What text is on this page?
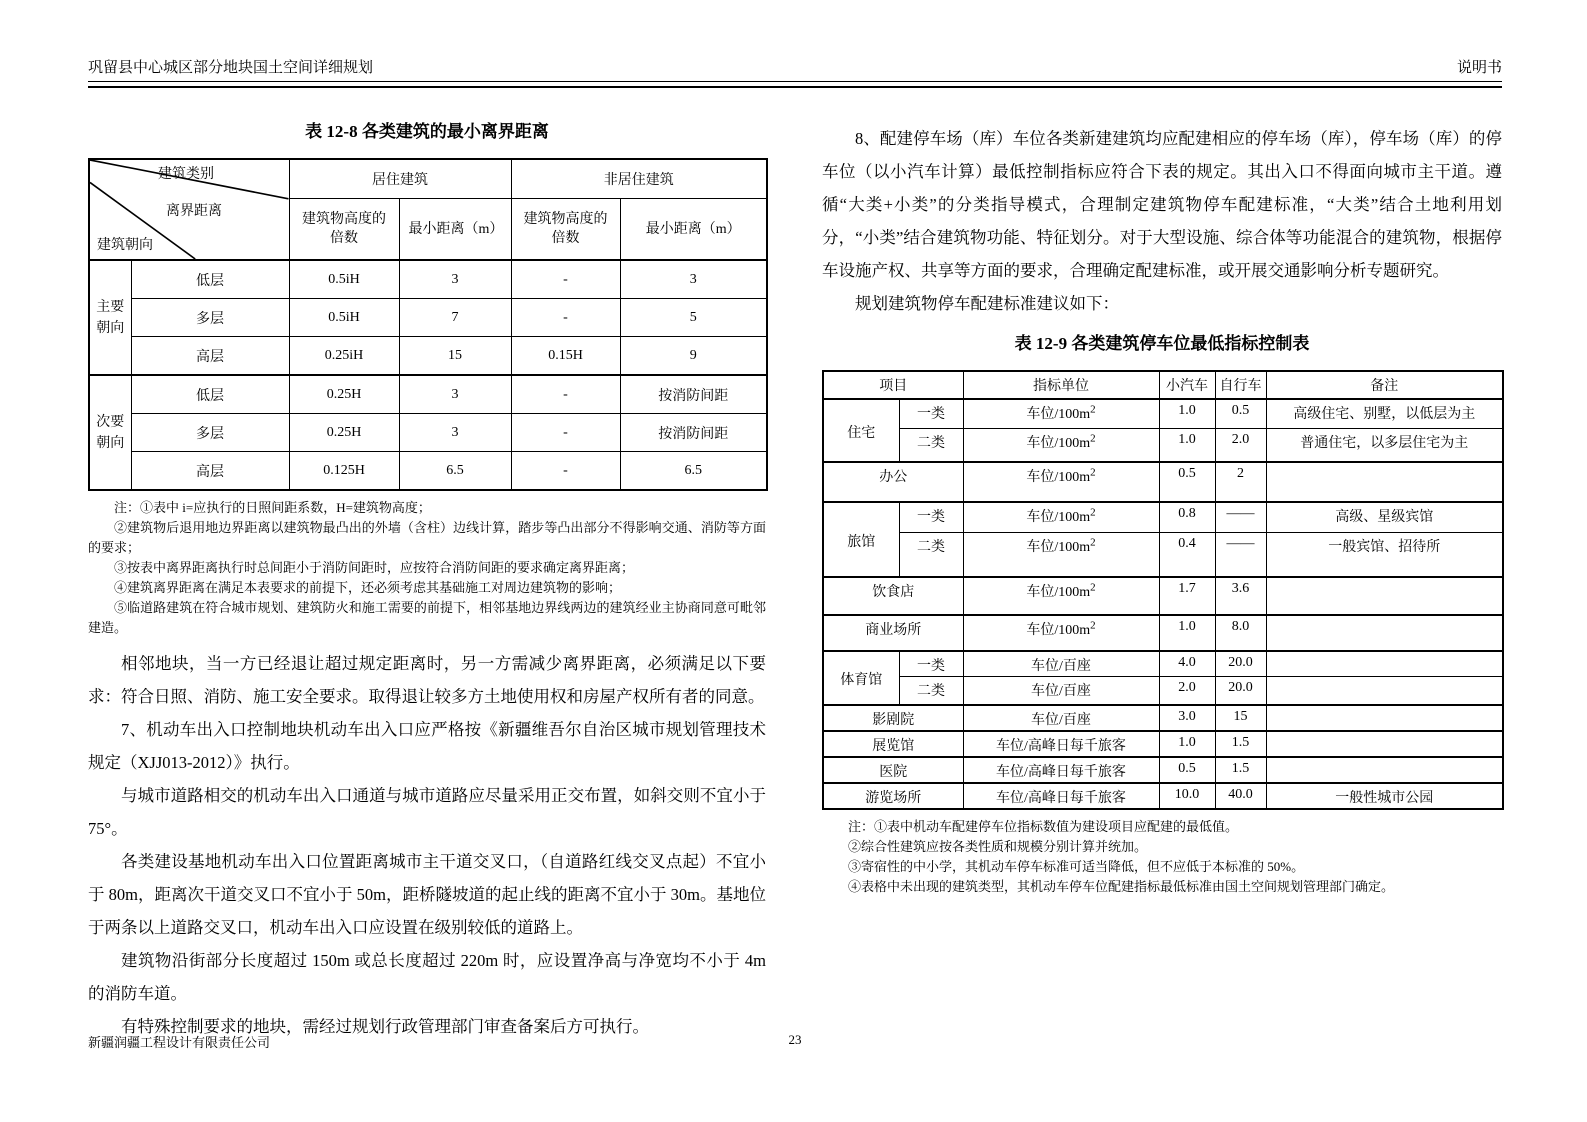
巩留县中心城区部分地块国土空间详细规划	说明书
表 12-8 各类建筑的最小离界距离
建筑类别
离界距离
建筑朝向		居住建筑		非居住建筑	
		建筑物高度的倍数	最小距离（m）	建筑物高度的倍数	最小距离（m）
主要朝向	低层	0.5iH	3	-	3
	多层	0.5iH	7	-	5
	高层	0.25iH	15	0.15H	9
次要朝向	低层	0.25H	3	-	按消防间距
	多层	0.25H	3	-	按消防间距
	高层	0.125H	6.5	-	6.5
注：①表中 i=应执行的日照间距系数，H=建筑物高度；
②建筑物后退用地边界距离以建筑物最凸出的外墙（含柱）边线计算，踏步等凸出部分不得影响交通、消防等方面的要求；
③按表中离界距离执行时总间距小于消防间距时，应按符合消防间距的要求确定离界距离；
④建筑离界距离在满足本表要求的前提下，还必须考虑其基础施工对周边建筑物的影响；
⑤临道路建筑在符合城市规划、建筑防火和施工需要的前提下，相邻基地边界线两边的建筑经业主协商同意可毗邻建造。

相邻地块，当一方已经退让超过规定距离时，另一方需减少离界距离，必须满足以下要求：符合日照、消防、施工安全要求。取得退让较多方土地使用权和房屋产权所有者的同意。

7、机动车出入口控制地块机动车出入口应严格按《新疆维吾尔自治区城市规划管理技术规定（XJJ013-2012）》执行。

与城市道路相交的机动车出入口通道与城市道路应尽量采用正交布置，如斜交则不宜小于75°。

各类建设基地机动车出入口位置距离城市主干道交叉口，（自道路红线交叉点起）不宜小于 80m，距离次干道交叉口不宜小于 50m，距桥隧坡道的起止线的距离不宜小于 30m。基地位于两条以上道路交叉口，机动车出入口应设置在级别较低的道路上。

建筑物沿街部分长度超过 150m 或总长度超过 220m 时，应设置净高与净宽均不小于 4m 的消防车道。

有特殊控制要求的地块，需经过规划行政管理部门审查备案后方可执行。

8、配建停车场（库）车位各类新建建筑均应配建相应的停车场（库），停车场（库）的停车位（以小汽车计算）最低控制指标应符合下表的规定。其出入口不得面向城市主干道。遵循“大类+小类”的分类指导模式，合理制定建筑物停车配建标准，“大类”结合土地利用划分，“小类”结合建筑物功能、特征划分。对于大型设施、综合体等功能混合的建筑物，根据停车设施产权、共享等方面的要求，合理确定配建标准，或开展交通影响分析专题研究。

规划建筑物停车配建标准建议如下：

表 12-9 各类建筑停车位最低指标控制表
项目		指标单位	小汽车	自行车	备注
住宅	一类	车位$/100m^2$	1.0	0.5	高级住宅、别墅，以低层为主
	二类	车位$/100m^2$	1.0	2.0	普通住宅，以多层住宅为主
办公		车位$/100m^2$	0.5	2	
旅馆	一类	车位$/100m^2$	0.8	——	高级、星级宾馆
	二类	车位$/100m^2$	0.4	——	一般宾馆、招待所
饮食店		车位$/100m^2$	1.7	3.6	
商业场所		车位$/100m^2$	1.0	8.0	
体育馆	一类	车位/百座	4.0	20.0	
	二类	车位/百座	2.0	20.0	
影剧院		车位/百座	3.0	15	
展览馆		车位/高峰日每千旅客	1.0	1.5	
医院		车位/高峰日每千旅客	0.5	1.5	
游览场所		车位/高峰日每千旅客	10.0	40.0	一般性城市公园
注：①表中机动车配建停车位指标数值为建设项目应配建的最低值。
②综合性建筑应按各类性质和规模分别计算并统加。
③寄宿性的中小学，其机动车停车标准可适当降低，但不应低于本标准的 50%。
④表格中未出现的建筑类型，其机动车停车位配建指标最低标准由国土空间规划管理部门确定。
新疆润疆工程设计有限责任公司	23
